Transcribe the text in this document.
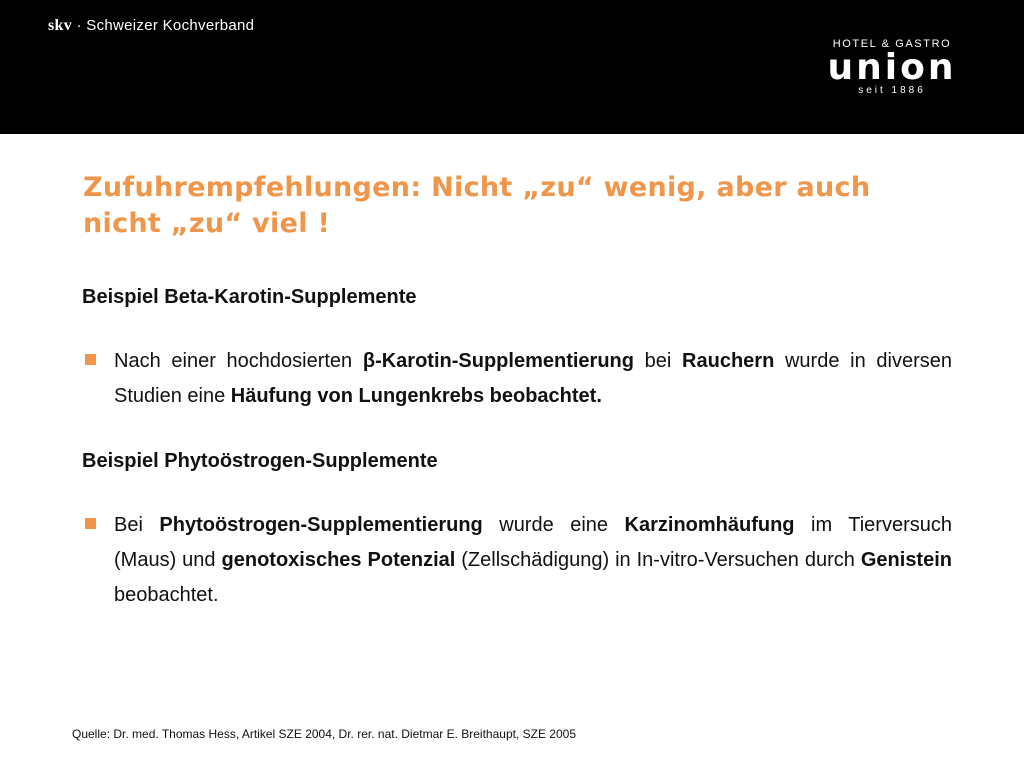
skv · Schweizer Kochverband
HOTEL & GASTRO
union
seit 1886
Zufuhrempfehlungen: Nicht „zu“ wenig, aber auch nicht „zu“ viel !

Beispiel Beta-Karotin-Supplemente

Nach einer hochdosierten β-Karotin-Supplementierung bei Rauchern wurde in diversen Studien eine Häufung von Lungenkrebs beobachtet.

Beispiel Phytoöstrogen-Supplemente

Bei Phytoöstrogen-Supplementierung wurde eine Karzinomhäufung im Tierversuch (Maus) und genotoxisches Potenzial (Zellschädigung) in In-vitro-Versuchen durch Genistein beobachtet.

Quelle: Dr. med. Thomas Hess, Artikel SZE 2004, Dr. rer. nat. Dietmar E. Breithaupt, SZE 2005
